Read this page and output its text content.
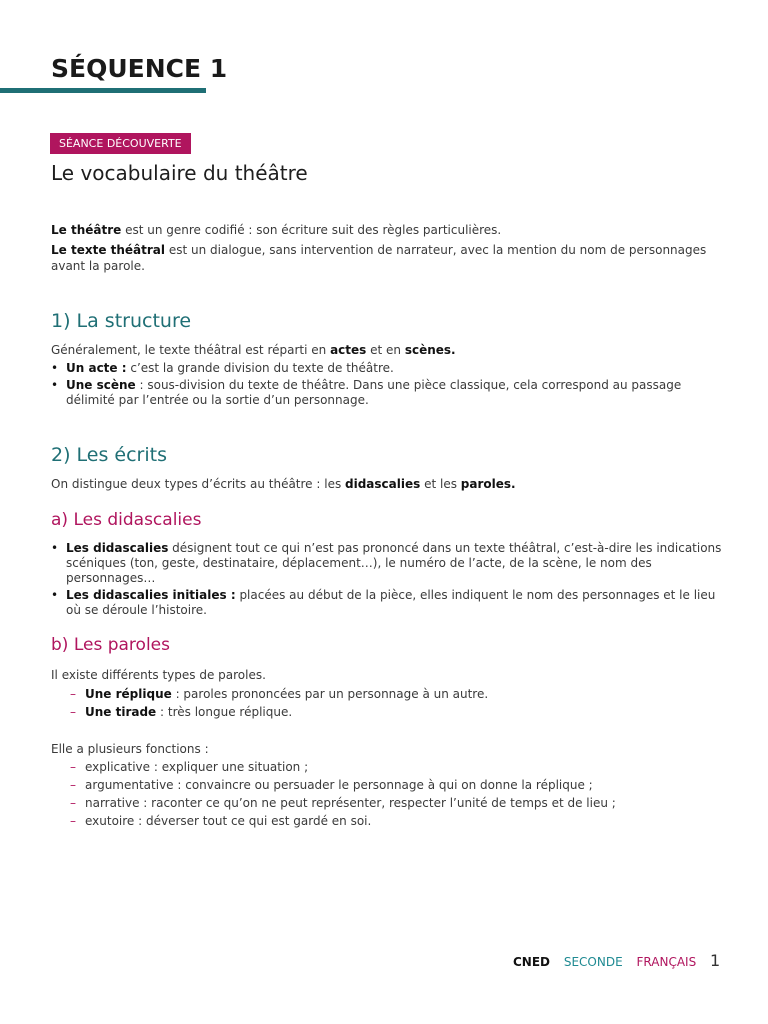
SÉQUENCE 1
SÉANCE DÉCOUVERTE
Le vocabulaire du théâtre
Le théâtre est un genre codifié : son écriture suit des règles particulières.
Le texte théâtral est un dialogue, sans intervention de narrateur, avec la mention du nom de personnages avant la parole.
1) La structure
Généralement, le texte théâtral est réparti en actes et en scènes.
• Un acte : c’est la grande division du texte de théâtre.
• Une scène : sous-division du texte de théâtre. Dans une pièce classique, cela correspond au passage délimité par l’entrée ou la sortie d’un personnage.
2) Les écrits
On distingue deux types d’écrits au théâtre : les didascalies et les paroles.
a) Les didascalies
• Les didascalies désignent tout ce qui n’est pas prononcé dans un texte théâtral, c’est-à-dire les indications scéniques (ton, geste, destinataire, déplacement…), le numéro de l’acte, de la scène, le nom des personnages…
• Les didascalies initiales : placées au début de la pièce, elles indiquent le nom des personnages et le lieu où se déroule l’histoire.
b) Les paroles
Il existe différents types de paroles.
– Une réplique : paroles prononcées par un personnage à un autre.
– Une tirade : très longue réplique.
Elle a plusieurs fonctions :
– explicative : expliquer une situation ;
– argumentative : convaincre ou persuader le personnage à qui on donne la réplique ;
– narrative : raconter ce qu’on ne peut représenter, respecter l’unité de temps et de lieu ;
– exutoire : déverser tout ce qui est gardé en soi.
CNED SECONDE FRANÇAIS 1
